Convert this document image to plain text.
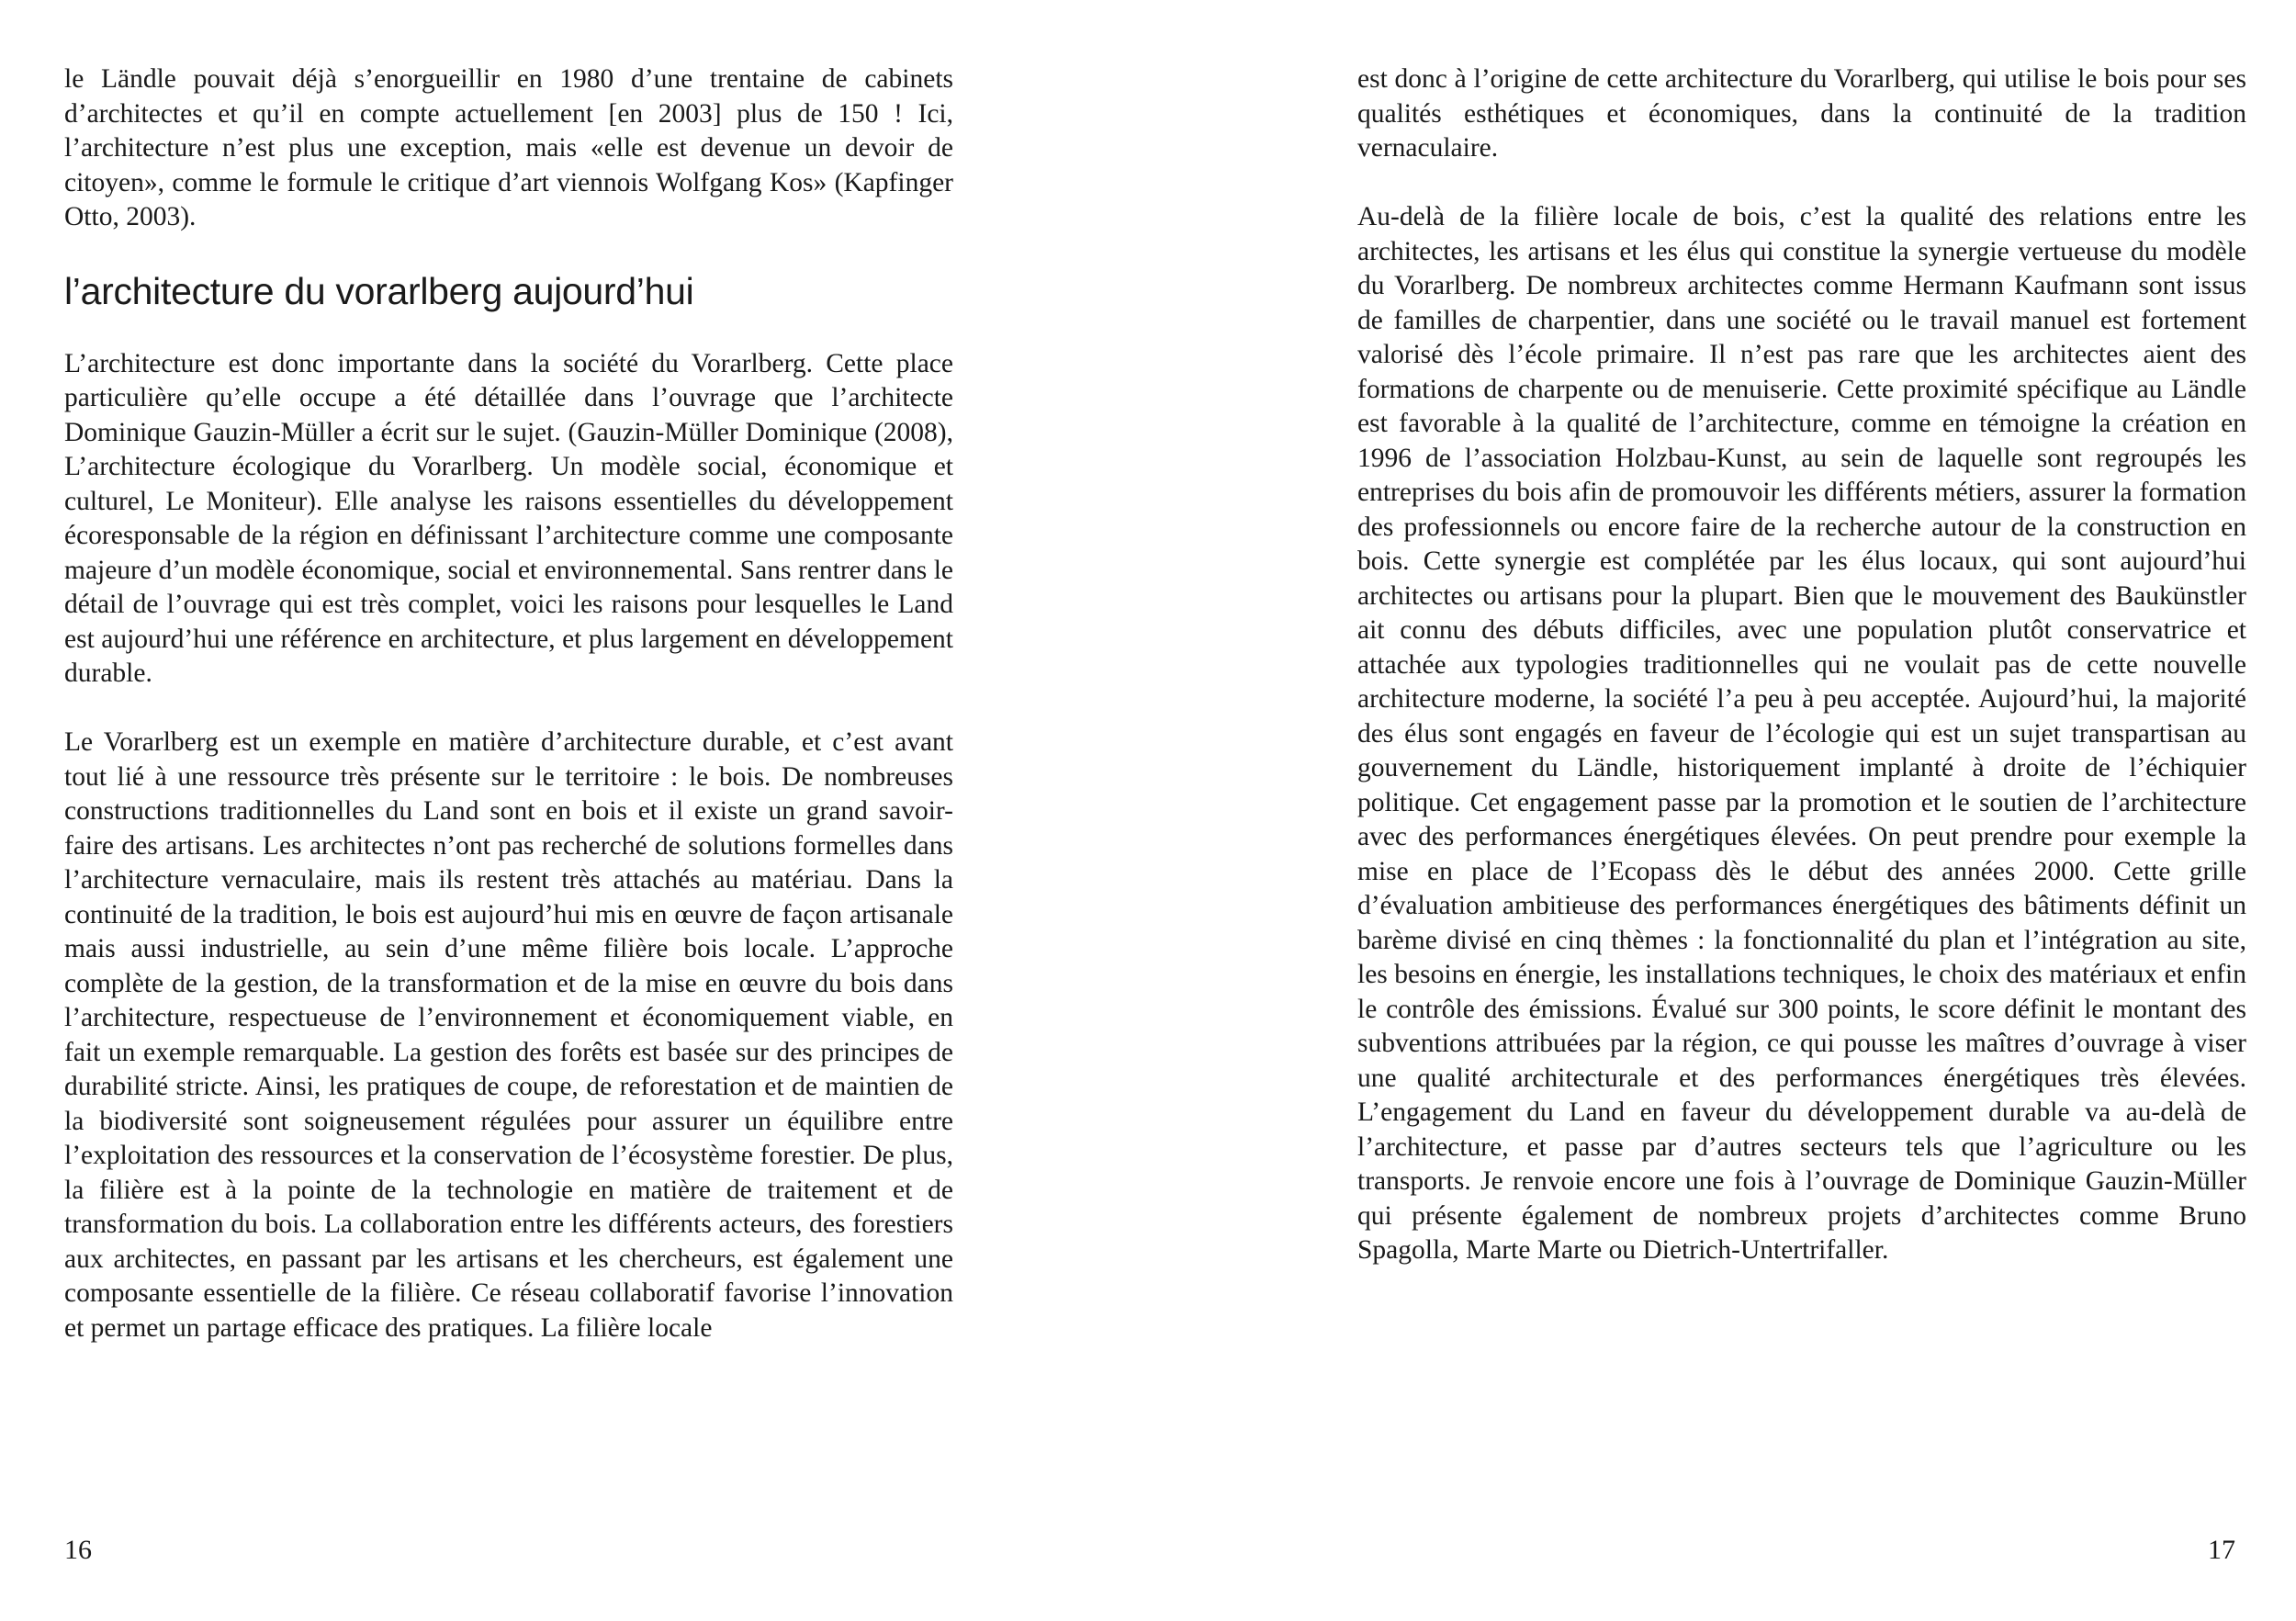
le Ländle pouvait déjà s’enorgueillir en 1980 d’une trentaine de cabinets d’architectes et qu’il en compte actuellement [en 2003] plus de 150 ! Ici, l’architecture n’est plus une exception, mais «elle est devenue un devoir de citoyen», comme le formule le critique d’art viennois Wolfgang Kos» (Kapfinger Otto, 2003).

l’architecture du vorarlberg aujourd’hui

L’architecture est donc importante dans la société du Vorarlberg. Cette place particulière qu’elle occupe a été détaillée dans l’ouvrage que l’architecte Dominique Gauzin-Müller a écrit sur le sujet. (Gauzin-Müller Dominique (2008), L’architecture écologique du Vorarlberg. Un modèle social, économique et culturel, Le Moniteur). Elle analyse les raisons essentielles du développement écoresponsable de la région en définissant l’architecture comme une composante majeure d’un modèle économique, social et environnemental. Sans rentrer dans le détail de l’ouvrage qui est très complet, voici les raisons pour lesquelles le Land est aujourd’hui une référence en architecture, et plus largement en développement durable.

Le Vorarlberg est un exemple en matière d’architecture durable, et c’est avant tout lié à une ressource très présente sur le territoire : le bois. De nombreuses constructions traditionnelles du Land sont en bois et il existe un grand savoir-faire des artisans. Les architectes n’ont pas recherché de solutions formelles dans l’architecture vernaculaire, mais ils restent très attachés au matériau. Dans la continuité de la tradition, le bois est aujourd’hui mis en œuvre de façon artisanale mais aussi industrielle, au sein d’une même filière bois locale. L’approche complète de la gestion, de la transformation et de la mise en œuvre du bois dans l’architecture, respectueuse de l’environnement et économiquement viable, en fait un exemple remarquable. La gestion des forêts est basée sur des principes de durabilité stricte. Ainsi, les pratiques de coupe, de reforestation et de maintien de la biodiversité sont soigneusement régulées pour assurer un équilibre entre l’exploitation des ressources et la conservation de l’écosystème forestier. De plus, la filière est à la pointe de la technologie en matière de traitement et de transformation du bois. La collaboration entre les différents acteurs, des forestiers aux architectes, en passant par les artisans et les chercheurs, est également une composante essentielle de la filière. Ce réseau collaboratif favorise l’innovation et permet un partage efficace des pratiques. La filière locale

est donc à l’origine de cette architecture du Vorarlberg, qui utilise le bois pour ses qualités esthétiques et économiques, dans la continuité de la tradition vernaculaire.

Au-delà de la filière locale de bois, c’est la qualité des relations entre les architectes, les artisans et les élus qui constitue la synergie vertueuse du modèle du Vorarlberg. De nombreux architectes comme Hermann Kaufmann sont issus de familles de charpentier, dans une société ou le travail manuel est fortement valorisé dès l’école primaire. Il n’est pas rare que les architectes aient des formations de charpente ou de menuiserie. Cette proximité spécifique au Ländle est favorable à la qualité de l’architecture, comme en témoigne la création en 1996 de l’association Holzbau-Kunst, au sein de laquelle sont regroupés les entreprises du bois afin de promouvoir les différents métiers, assurer la formation des professionnels ou encore faire de la recherche autour de la construction en bois. Cette synergie est complétée par les élus locaux, qui sont aujourd’hui architectes ou artisans pour la plupart. Bien que le mouvement des Baukünstler ait connu des débuts difficiles, avec une population plutôt conservatrice et attachée aux typologies traditionnelles qui ne voulait pas de cette nouvelle architecture moderne, la société l’a peu à peu acceptée. Aujourd’hui, la majorité des élus sont engagés en faveur de l’écologie qui est un sujet transpartisan au gouvernement du Ländle, historiquement implanté à droite de l’échiquier politique. Cet engagement passe par la promotion et le soutien de l’architecture avec des performances énergétiques élevées. On peut prendre pour exemple la mise en place de l’Ecopass dès le début des années 2000. Cette grille d’évaluation ambitieuse des performances énergétiques des bâtiments définit un barème divisé en cinq thèmes : la fonctionnalité du plan et l’intégration au site, les besoins en énergie, les installations techniques, le choix des matériaux et enfin le contrôle des émissions. Évalué sur 300 points, le score définit le montant des subventions attribuées par la région, ce qui pousse les maîtres d’ouvrage à viser une qualité architecturale et des performances énergétiques très élevées. L’engagement du Land en faveur du développement durable va au-delà de l’architecture, et passe par d’autres secteurs tels que l’agriculture ou les transports. Je renvoie encore une fois à l’ouvrage de Dominique Gauzin-Müller qui présente également de nombreux projets d’architectes comme Bruno Spagolla, Marte Marte ou Dietrich-Untertrifaller.

16	17
